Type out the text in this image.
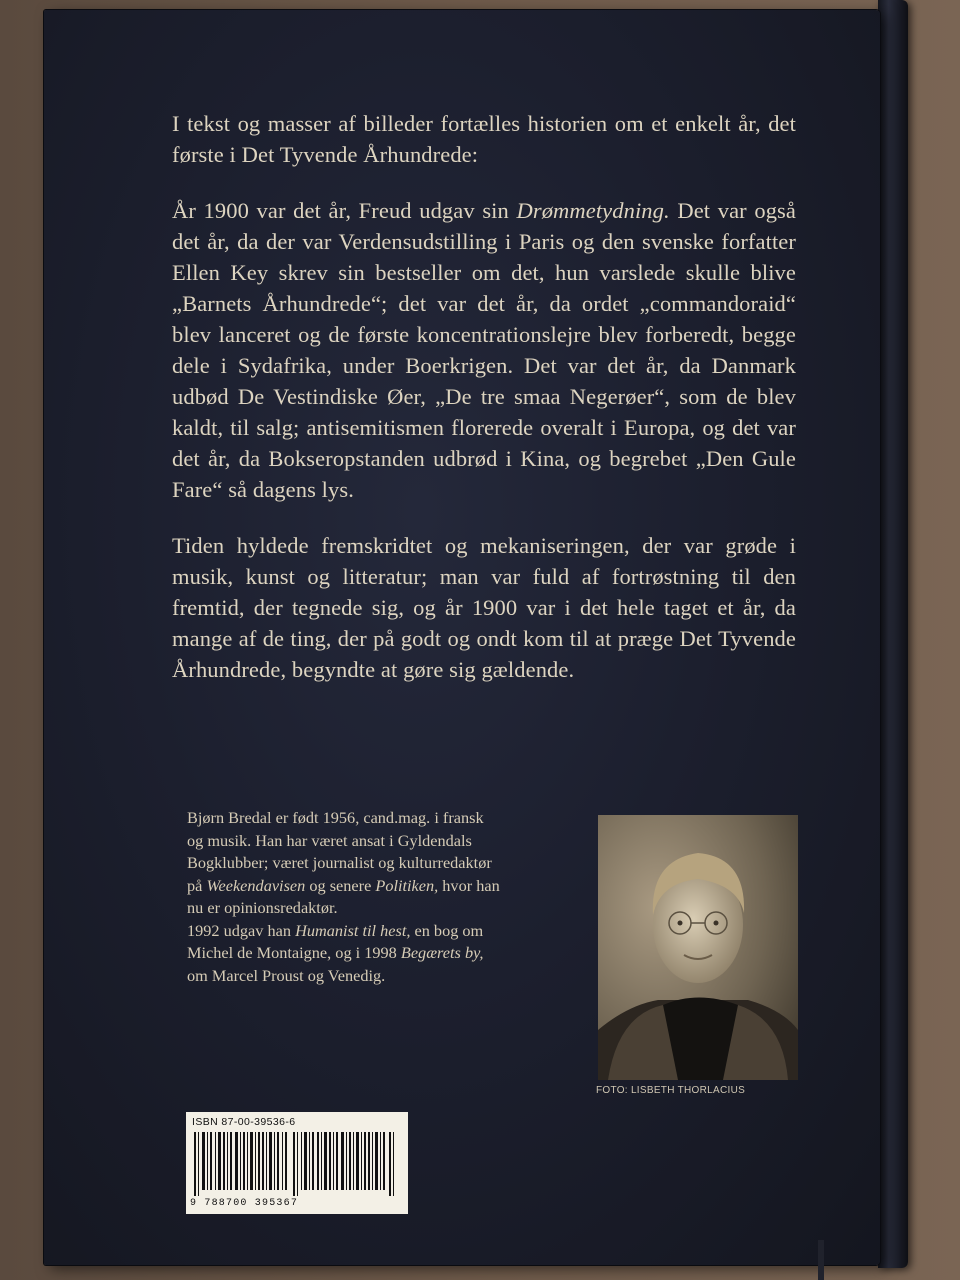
I tekst og masser af billeder fortælles historien om et enkelt år, det første i Det Tyvende Århundrede:

År 1900 var det år, Freud udgav sin Drømmetydning. Det var også det år, da der var Verdensudstilling i Paris og den svenske forfatter Ellen Key skrev sin bestseller om det, hun varslede skulle blive „Barnets Århundrede“; det var det år, da ordet „commandoraid“ blev lanceret og de første koncentrationslejre blev forberedt, begge dele i Sydafrika, under Boerkrigen. Det var det år, da Danmark udbød De Vestindiske Øer, „De tre smaa Negerøer“, som de blev kaldt, til salg; antisemitismen florerede overalt i Europa, og det var det år, da Bokseropstanden udbrød i Kina, og begrebet „Den Gule Fare“ så dagens lys.

Tiden hyldede fremskridtet og mekaniseringen, der var grøde i musik, kunst og litteratur; man var fuld af fortrøstning til den fremtid, der tegnede sig, og år 1900 var i det hele taget et år, da mange af de ting, der på godt og ondt kom til at præge Det Tyvende Århundrede, begyndte at gøre sig gældende.

Bjørn Bredal er født 1956, cand.mag. i fransk

og musik. Han har været ansat i Gyldendals

Bogklubber; været journalist og kulturredaktør

på Weekendavisen og senere Politiken, hvor han

nu er opinionsredaktør.

1992 udgav han Humanist til hest, en bog om

Michel de Montaigne, og i 1998 Begærets by,

om Marcel Proust og Venedig.

FOTO: LISBETH THORLACIUS
ISBN 87-00-39536-6
9 788700 395367
